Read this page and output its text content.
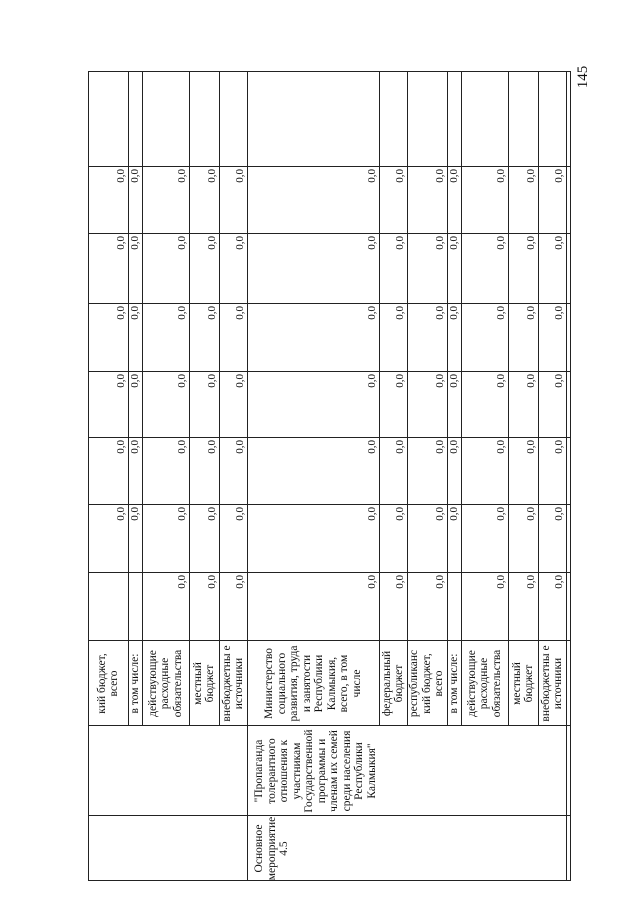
кий бюджет, всего
0,0
0,0
0,0
0,0
0,0
0,0
в том числе:
0,0
0,0
0,0
0,0
0,0
0,0
действующие расходные обязательства
0,0
0,0
0,0
0,0
0,0
0,0
0,0
местный бюджет
0,0
0,0
0,0
0,0
0,0
0,0
0,0
внебюджетны е источники
0,0
0,0
0,0
0,0
0,0
0,0
0,0
Основное мероприятие 4.5
"Пропаганда толерантного отношения к участникам Государственной программы и членам их семей среди населения Республики Калмыкия"
Министерство социального развития, труда и занятости Республики Калмыкия, всего, в том числе
0,0
0,0
0,0
0,0
0,0
0,0
0,0
федеральный бюджет
0,0
0,0
0,0
0,0
0,0
0,0
0,0
республиканс кий бюджет, всего
0,0
0,0
0,0
0,0
0,0
0,0
0,0
в том числе:
0,0
0,0
0,0
0,0
0,0
0,0
действующие расходные обязательства
0,0
0,0
0,0
0,0
0,0
0,0
0,0
местный бюджет
0,0
0,0
0,0
0,0
0,0
0,0
0,0
внебюджетны е источники
0,0
0,0
0,0
0,0
0,0
0,0
0,0
145
